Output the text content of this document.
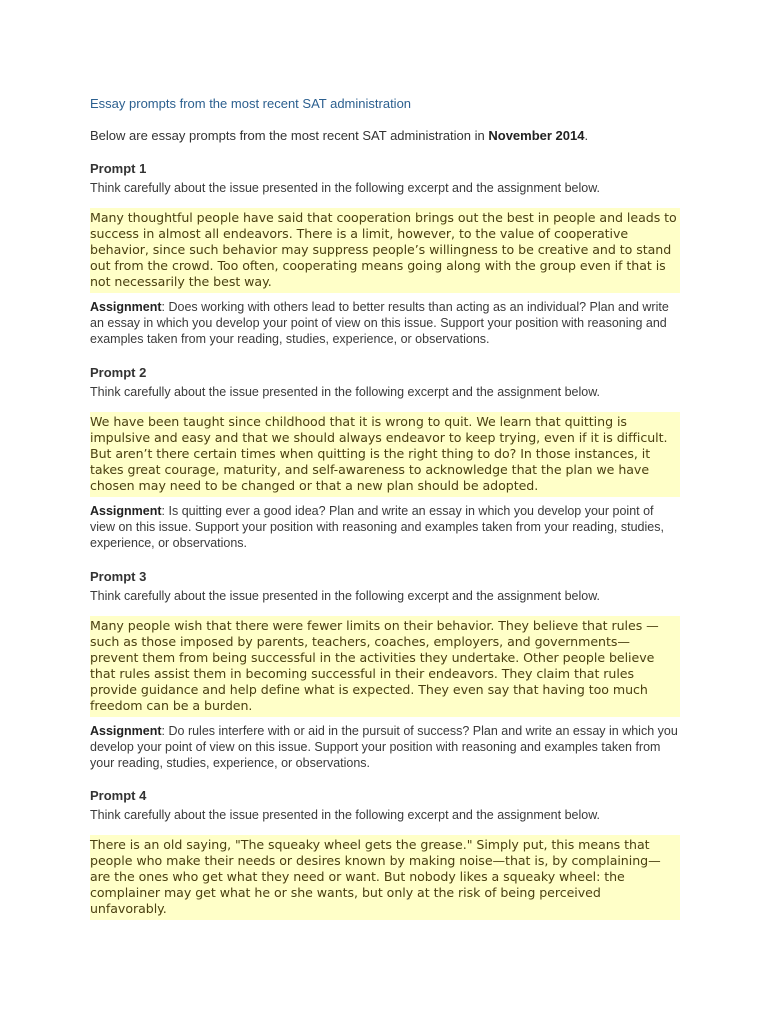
Essay prompts from the most recent SAT administration
Below are essay prompts from the most recent SAT administration in November 2014.
Prompt 1
Think carefully about the issue presented in the following excerpt and the assignment below.
Many thoughtful people have said that cooperation brings out the best in people and leads to success in almost all endeavors. There is a limit, however, to the value of cooperative behavior, since such behavior may suppress people’s willingness to be creative and to stand out from the crowd. Too often, cooperating means going along with the group even if that is not necessarily the best way.
Assignment: Does working with others lead to better results than acting as an individual? Plan and write an essay in which you develop your point of view on this issue. Support your position with reasoning and examples taken from your reading, studies, experience, or observations.
Prompt 2
Think carefully about the issue presented in the following excerpt and the assignment below.
We have been taught since childhood that it is wrong to quit. We learn that quitting is impulsive and easy and that we should always endeavor to keep trying, even if it is difficult. But aren’t there certain times when quitting is the right thing to do? In those instances, it takes great courage, maturity, and self-awareness to acknowledge that the plan we have chosen may need to be changed or that a new plan should be adopted.
Assignment: Is quitting ever a good idea? Plan and write an essay in which you develop your point of view on this issue. Support your position with reasoning and examples taken from your reading, studies, experience, or observations.
Prompt 3
Think carefully about the issue presented in the following excerpt and the assignment below.
Many people wish that there were fewer limits on their behavior. They believe that rules —such as those imposed by parents, teachers, coaches, employers, and governments— prevent them from being successful in the activities they undertake. Other people believe that rules assist them in becoming successful in their endeavors. They claim that rules provide guidance and help define what is expected. They even say that having too much freedom can be a burden.
Assignment: Do rules interfere with or aid in the pursuit of success? Plan and write an essay in which you develop your point of view on this issue. Support your position with reasoning and examples taken from your reading, studies, experience, or observations.
Prompt 4
Think carefully about the issue presented in the following excerpt and the assignment below.
There is an old saying, "The squeaky wheel gets the grease." Simply put, this means that people who make their needs or desires known by making noise—that is, by complaining—are the ones who get what they need or want. But nobody likes a squeaky wheel: the complainer may get what he or she wants, but only at the risk of being perceived unfavorably.
